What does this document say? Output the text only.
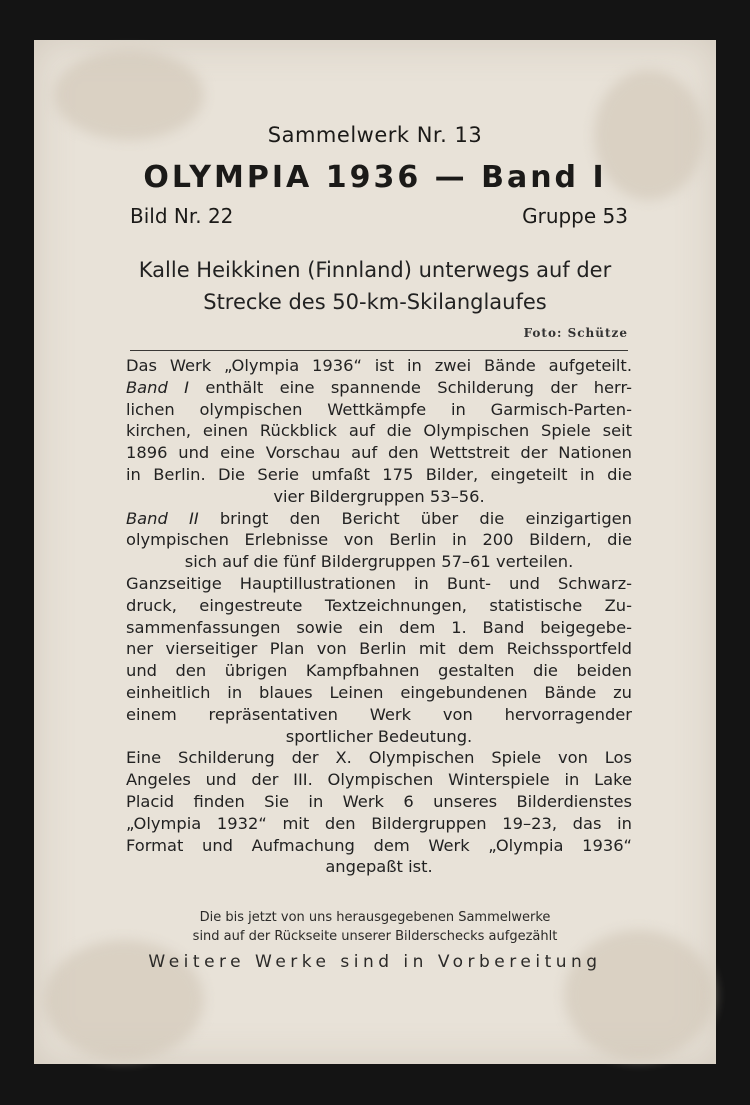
Sammelwerk Nr. 13
OLYMPIA 1936 — Band I
Bild Nr. 22	Gruppe 53
Kalle Heikkinen (Finnland) unterwegs auf der
Strecke des 50-km-Skilanglaufes
Foto: Schütze

Das Werk „Olympia 1936“ ist in zwei Bände aufgeteilt.

Band I enthält eine spannende Schilderung der herr-

lichen olympischen Wettkämpfe in Garmisch-Parten-

kirchen, einen Rückblick auf die Olympischen Spiele seit

1896 und eine Vorschau auf den Wettstreit der Nationen

in Berlin. Die Serie umfaßt 175 Bilder, eingeteilt in die

vier Bildergruppen 53–56.

Band II bringt den Bericht über die einzigartigen

olympischen Erlebnisse von Berlin in 200 Bildern, die

sich auf die fünf Bildergruppen 57–61 verteilen.

Ganzseitige Hauptillustrationen in Bunt- und Schwarz-

druck, eingestreute Textzeichnungen, statistische Zu-

sammenfassungen sowie ein dem 1. Band beigegebe-

ner vierseitiger Plan von Berlin mit dem Reichssportfeld

und den übrigen Kampfbahnen gestalten die beiden

einheitlich in blaues Leinen eingebundenen Bände zu

einem repräsentativen Werk von hervorragender

sportlicher Bedeutung.

Eine Schilderung der X. Olympischen Spiele von Los

Angeles und der III. Olympischen Winterspiele in Lake

Placid finden Sie in Werk 6 unseres Bilderdienstes

„Olympia 1932“ mit den Bildergruppen 19–23, das in

Format und Aufmachung dem Werk „Olympia 1936“

angepaßt ist.

Die bis jetzt von uns herausgegebenen Sammelwerke
sind auf der Rückseite unserer Bilderschecks aufgezählt
Weitere Werke sind in Vorbereitung
